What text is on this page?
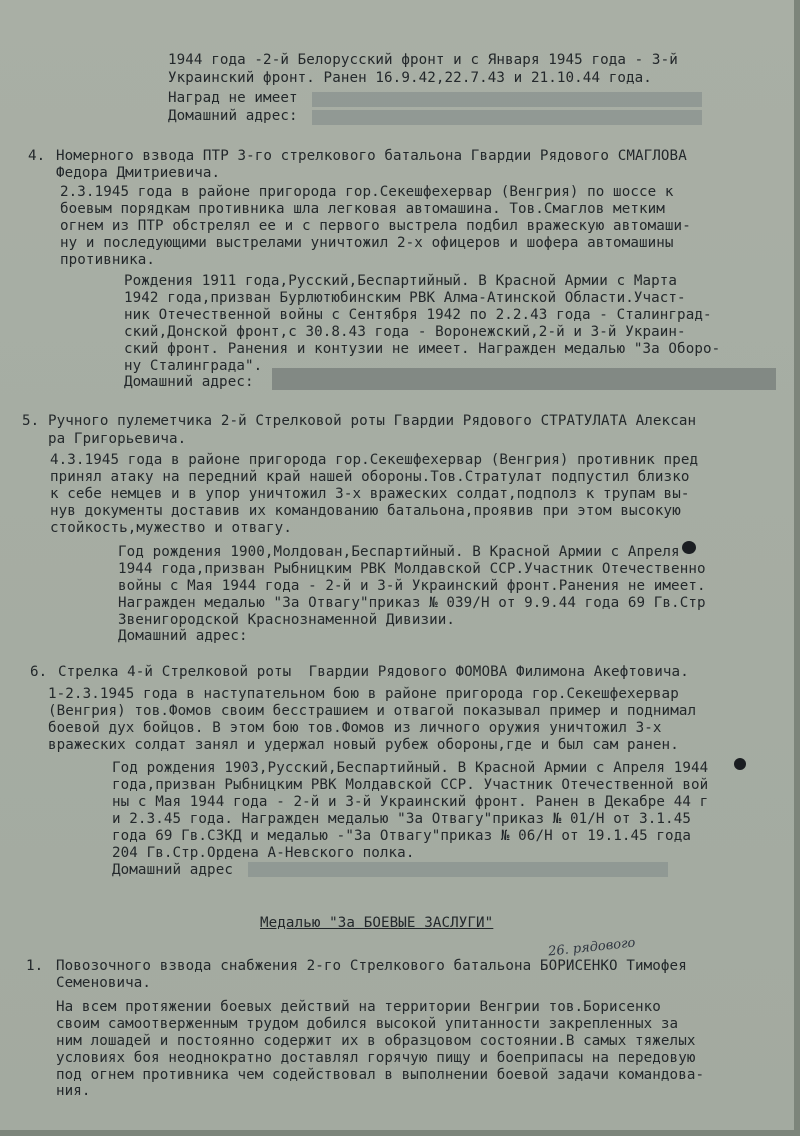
1944 года -2-й Белорусский фронт и с Января 1945 года - 3-й
Украинский фронт. Ранен 16.9.42,22.7.43 и 21.10.44 года.
Наград не имеет
Домашний адрес:
4. Номерного взвода ПТР 3-го стрелкового батальона Гвардии Рядового СМАГЛОВА
Федора Дмитриевича.
2.3.1945 года в районе пригорода гор.Секешфехервар (Венгрия) по шоссе к
боевым порядкам противника шла легковая автомашина. Тов.Смаглов метким
огнем из ПТР обстрелял ее и с первого выстрела подбил вражескую автомаши-
ну и последующими выстрелами уничтожил 2-х офицеров и шофера автомашины
противника.
Рождения 1911 года,Русский,Беспартийный. В Красной Армии с Марта
1942 года,призван Бурлютюбинским РВК Алма-Атинской Области.Участ-
ник Отечественной войны с Сентября 1942 по 2.2.43 года - Сталинград-
ский,Донской фронт,с 30.8.43 года - Воронежский,2-й и 3-й Украин-
ский фронт. Ранения и контузии не имеет. Награжден медалью "За Оборо-
ну Сталинграда".
Домашний адрес:
5. Ручного пулеметчика 2-й Стрелковой роты Гвардии Рядового СТРАТУЛАТА Алексан
ра Григорьевича.
4.3.1945 года в районе пригорода гор.Секешфехервар (Венгрия) противник пред
принял атаку на передний край нашей обороны.Тов.Стратулат подпустил близко
к себе немцев и в упор уничтожил 3-х вражеских солдат,подполз к трупам вы-
нув документы доставив их командованию батальона,проявив при этом высокую
стойкость,мужество и отвагу.
Год рождения 1900,Молдован,Беспартийный. В Красной Армии с Апреля
1944 года,призван Рыбницким РВК Молдавской ССР.Участник Отечественно
войны с Мая 1944 года - 2-й и 3-й Украинский фронт.Ранения не имеет.
Награжден медалью "За Отвагу"приказ № 039/Н от 9.9.44 года 69 Гв.Стр
Звенигородской Краснознаменной Дивизии.
Домашний адрес:
6. Стрелка 4-й Стрелковой роты  Гвардии Рядового ФОМОВА Филимона Акефтовича.
1-2.3.1945 года в наступательном бою в районе пригорода гор.Секешфехервар
(Венгрия) тов.Фомов своим бесстрашием и отвагой показывал пример и поднимал
боевой дух бойцов. В этом бою тов.Фомов из личного оружия уничтожил 3-х
вражеских солдат занял и удержал новый рубеж обороны,где и был сам ранен.
Год рождения 1903,Русский,Беспартийный. В Красной Армии с Апреля 1944
года,призван Рыбницким РВК Молдавской ССР. Участник Отечественной вой
ны с Мая 1944 года - 2-й и 3-й Украинский фронт. Ранен в Декабре 44 г
и 2.3.45 года. Награжден медалью "За Отвагу"приказ № 01/Н от 3.1.45
года 69 Гв.СЗКД и медалью -"За Отвагу"приказ № 06/Н от 19.1.45 года
204 Гв.Стр.Ордена А-Невского полка.
Домашний адрес
Медалью "За БОЕВЫЕ ЗАСЛУГИ"
26. рядового
1. Повозочного взвода снабжения 2-го Стрелкового батальона БОРИСЕНКО Тимофея
Семеновича.
На всем протяжении боевых действий на территории Венгрии тов.Борисенко
своим самоотверженным трудом добился высокой упитанности закрепленных за
ним лошадей и постоянно содержит их в образцовом состоянии.В самых тяжелых
условиях боя неоднократно доставлял горячую пищу и боеприпасы на передовую
под огнем противника чем содействовал в выполнении боевой задачи командова-
ния.
